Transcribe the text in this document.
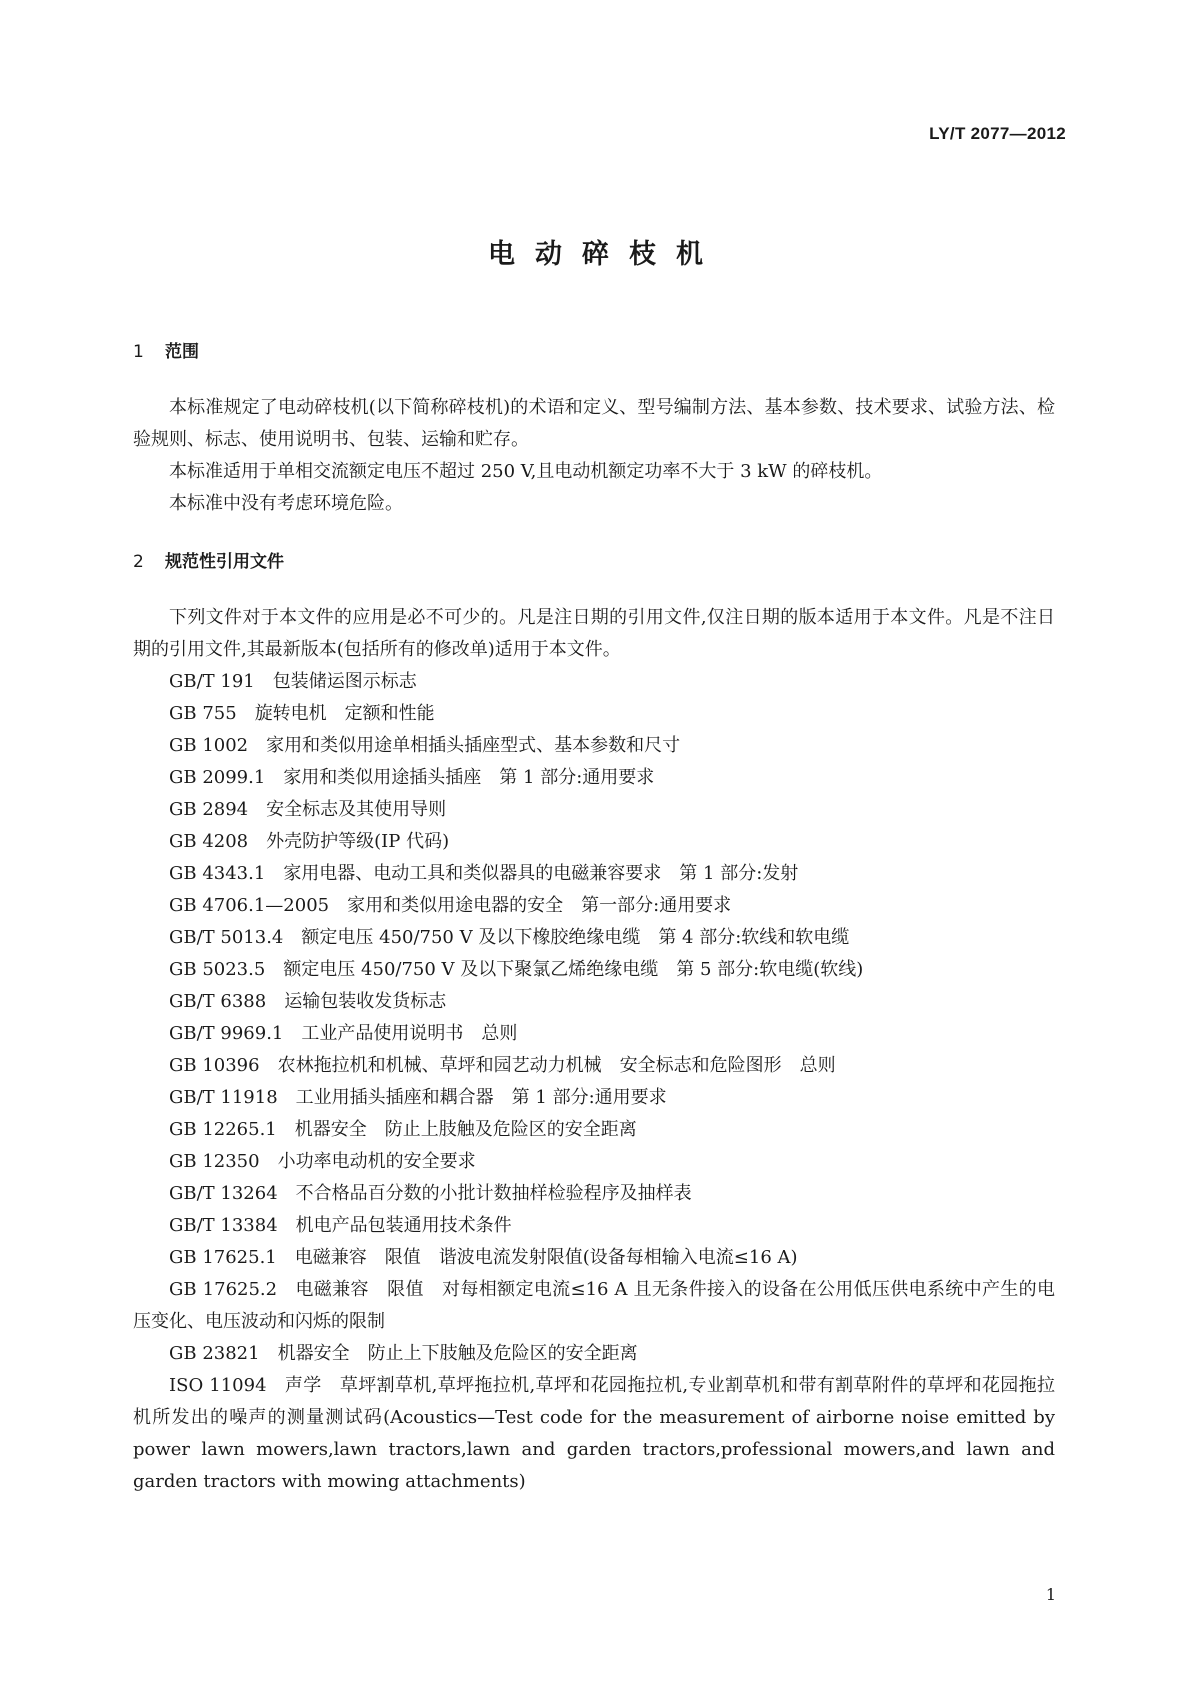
LY/T 2077—2012
电动碎枝机
1 范围

本标准规定了电动碎枝机(以下简称碎枝机)的术语和定义、型号编制方法、基本参数、技术要求、试验方法、检验规则、标志、使用说明书、包装、运输和贮存。

本标准适用于单相交流额定电压不超过 250 V,且电动机额定功率不大于 3 kW 的碎枝机。

本标准中没有考虑环境危险。

2 规范性引用文件

下列文件对于本文件的应用是必不可少的。凡是注日期的引用文件,仅注日期的版本适用于本文件。凡是不注日期的引用文件,其最新版本(包括所有的修改单)适用于本文件。

GB/T 191 包装储运图示标志
GB 755 旋转电机　定额和性能
GB 1002 家用和类似用途单相插头插座型式、基本参数和尺寸
GB 2099.1 家用和类似用途插头插座　第 1 部分:通用要求
GB 2894 安全标志及其使用导则
GB 4208 外壳防护等级(IP 代码)
GB 4343.1 家用电器、电动工具和类似器具的电磁兼容要求　第 1 部分:发射
GB 4706.1—2005 家用和类似用途电器的安全　第一部分:通用要求
GB/T 5013.4 额定电压 450/750 V 及以下橡胶绝缘电缆　第 4 部分:软线和软电缆
GB 5023.5 额定电压 450/750 V 及以下聚氯乙烯绝缘电缆　第 5 部分:软电缆(软线)
GB/T 6388 运输包装收发货标志
GB/T 9969.1 工业产品使用说明书　总则
GB 10396 农林拖拉机和机械、草坪和园艺动力机械　安全标志和危险图形　总则
GB/T 11918 工业用插头插座和耦合器　第 1 部分:通用要求
GB 12265.1 机器安全　防止上肢触及危险区的安全距离
GB 12350 小功率电动机的安全要求
GB/T 13264 不合格品百分数的小批计数抽样检验程序及抽样表
GB/T 13384 机电产品包装通用技术条件
GB 17625.1 电磁兼容　限值　谐波电流发射限值(设备每相输入电流≤16 A)
GB 17625.2 电磁兼容　限值　对每相额定电流≤16 A 且无条件接入的设备在公用低压供电系统中产生的电压变化、电压波动和闪烁的限制
GB 23821 机器安全　防止上下肢触及危险区的安全距离
ISO 11094 声学　草坪割草机,草坪拖拉机,草坪和花园拖拉机,专业割草机和带有割草附件的草坪和花园拖拉机所发出的噪声的测量测试码(Acoustics—Test code for the measurement of airborne noise emitted by power lawn mowers,lawn tractors,lawn and garden tractors,professional mowers,and lawn and garden tractors with mowing attachments)
1
